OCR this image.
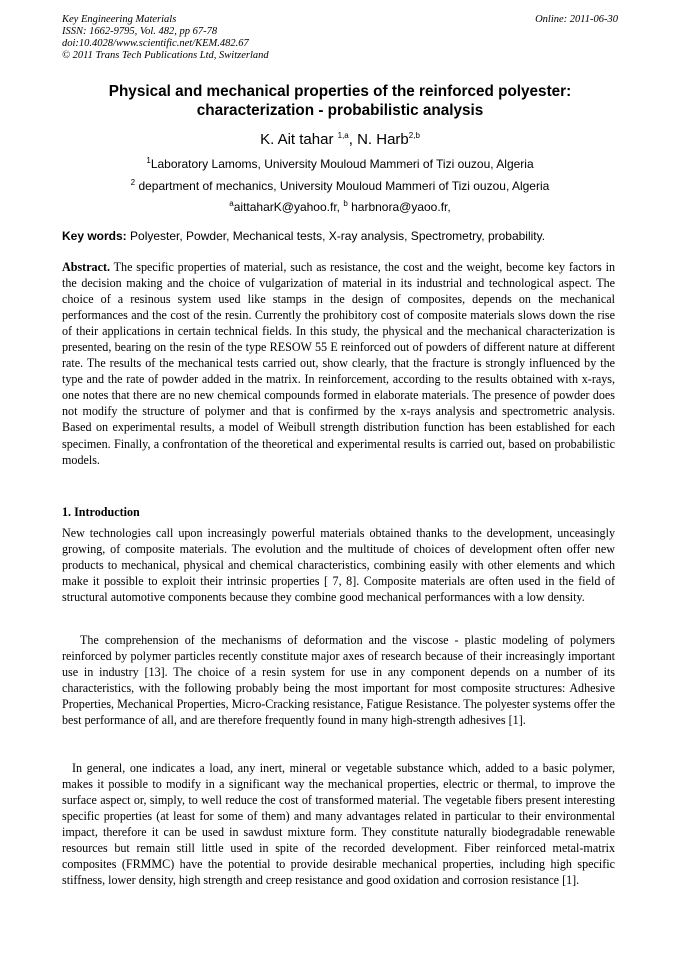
Key Engineering Materials
ISSN: 1662-9795, Vol. 482, pp 67-78
doi:10.4028/www.scientific.net/KEM.482.67
© 2011 Trans Tech Publications Ltd, Switzerland
Online: 2011-06-30
Physical and mechanical properties of the reinforced polyester:
characterization - probabilistic analysis
K. Ait tahar $^{1,a}$, N. Harb$^{2,b}$
$^1$Laboratory Lamoms, University Mouloud Mammeri of Tizi ouzou, Algeria
$^2$ department of mechanics, University Mouloud Mammeri of Tizi ouzou, Algeria
$^a$aittaharK@yahoo.fr, $^b$ harbnora@yaoo.fr,
Key words: Polyester, Powder, Mechanical tests, X-ray analysis, Spectrometry, probability.
Abstract. The specific properties of material, such as resistance, the cost and the weight, become key factors in the decision making and the choice of vulgarization of material in its industrial and technological aspect. The choice of a resinous system used like stamps in the design of composites, depends on the mechanical performances and the cost of the resin. Currently the prohibitory cost of composite materials slows down the rise of their applications in certain technical fields. In this study, the physical and the mechanical characterization is presented, bearing on the resin of the type RESOW 55 E reinforced out of powders of different nature at different rate. The results of the mechanical tests carried out, show clearly, that the fracture is strongly influenced by the type and the rate of powder added in the matrix. In reinforcement, according to the results obtained with x-rays, one notes that there are no new chemical compounds formed in elaborate materials. The presence of powder does not modify the structure of polymer and that is confirmed by the x-rays analysis and spectrometric analysis. Based on experimental results, a model of Weibull strength distribution function has been established for each specimen. Finally, a confrontation of the theoretical and experimental results is carried out, based on probabilistic models.
1. Introduction
New technologies call upon increasingly powerful materials obtained thanks to the development, unceasingly growing, of composite materials. The evolution and the multitude of choices of development often offer new products to mechanical, physical and chemical characteristics, combining easily with other elements and which make it possible to exploit their intrinsic properties [ 7, 8]. Composite materials are often used in the field of structural automotive components because they combine good mechanical performances with a low density.
The comprehension of the mechanisms of deformation and the viscose - plastic modeling of polymers reinforced by polymer particles recently constitute major axes of research because of their increasingly important use in industry [13]. The choice of a resin system for use in any component depends on a number of its characteristics, with the following probably being the most important for most composite structures: Adhesive Properties, Mechanical Properties, Micro-Cracking resistance, Fatigue Resistance. The polyester systems offer the best performance of all, and are therefore frequently found in many high-strength adhesives [1].
In general, one indicates a load, any inert, mineral or vegetable substance which, added to a basic polymer, makes it possible to modify in a significant way the mechanical properties, electric or thermal, to improve the surface aspect or, simply, to well reduce the cost of transformed material. The vegetable fibers present interesting specific properties (at least for some of them) and many advantages related in particular to their environmental impact, therefore it can be used in sawdust mixture form. They constitute naturally biodegradable renewable resources but remain still little used in spite of the recorded development. Fiber reinforced metal-matrix composites (FRMMC) have the potential to provide desirable mechanical properties, including high specific stiffness, lower density, high strength and creep resistance and good oxidation and corrosion resistance [1].
